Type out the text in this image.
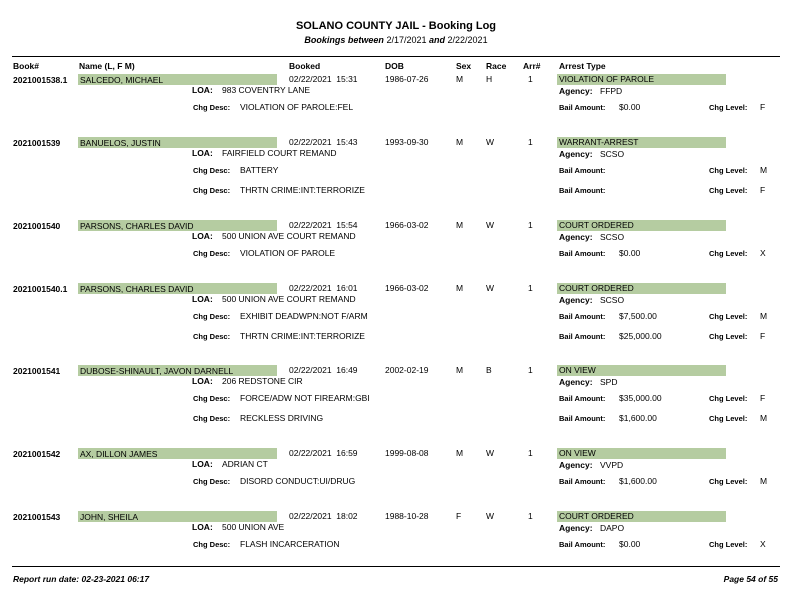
SOLANO COUNTY JAIL - Booking Log
Bookings between 2/17/2021 and 2/22/2021
Book#	Name (L, F M)	Booked	DOB	Sex Race Arr# Arrest Type
2021001538.1 SALCEDO, MICHAEL	02/22/2021  15:31	1986-07-26	M	H	1	VIOLATION OF PAROLE
LOA: 983 COVENTRY LANE	Agency: FFPD
Chg Desc: VIOLATION OF PAROLE:FEL	Bail Amount: $0.00	Chg Level: F
2021001539 BANUELOS, JUSTIN	02/22/2021  15:43	1993-09-30	M	W	1	WARRANT-ARREST
LOA: FAIRFIELD COURT REMAND	Agency: SCSO
Chg Desc: BATTERY	Bail Amount:	Chg Level: M
Chg Desc: THRTN CRIME:INT:TERRORIZE	Bail Amount:	Chg Level: F
2021001540 PARSONS, CHARLES DAVID	02/22/2021  15:54	1966-03-02	M	W	1	COURT ORDERED
LOA: 500 UNION AVE COURT REMAND	Agency: SCSO
Chg Desc: VIOLATION OF PAROLE	Bail Amount: $0.00	Chg Level: X
2021001540.1 PARSONS, CHARLES DAVID	02/22/2021  16:01	1966-03-02	M	W	1	COURT ORDERED
LOA: 500 UNION AVE COURT REMAND	Agency: SCSO
Chg Desc: EXHIBIT DEADWPN:NOT F/ARM	Bail Amount: $7,500.00	Chg Level: M
Chg Desc: THRTN CRIME:INT:TERRORIZE	Bail Amount: $25,000.00	Chg Level: F
2021001541 DUBOSE-SHINAULT, JAVON DARNELL	02/22/2021  16:49	2002-02-19	M	B	1	ON VIEW
LOA: 206 REDSTONE CIR	Agency: SPD
Chg Desc: FORCE/ADW NOT FIREARM:GBI	Bail Amount: $35,000.00	Chg Level: F
Chg Desc: RECKLESS DRIVING	Bail Amount: $1,600.00	Chg Level: M
2021001542 AX, DILLON JAMES	02/22/2021  16:59	1999-08-08	M	W	1	ON VIEW
LOA: ADRIAN CT	Agency: VVPD
Chg Desc: DISORD CONDUCT:UI/DRUG	Bail Amount: $1,600.00	Chg Level: M
2021001543 JOHN, SHEILA	02/22/2021  18:02	1988-10-28	F	W	1	COURT ORDERED
LOA: 500 UNION AVE	Agency: DAPO
Chg Desc: FLASH INCARCERATION	Bail Amount: $0.00	Chg Level: X
Report run date: 02-23-2021 06:17	Page 54 of 55
